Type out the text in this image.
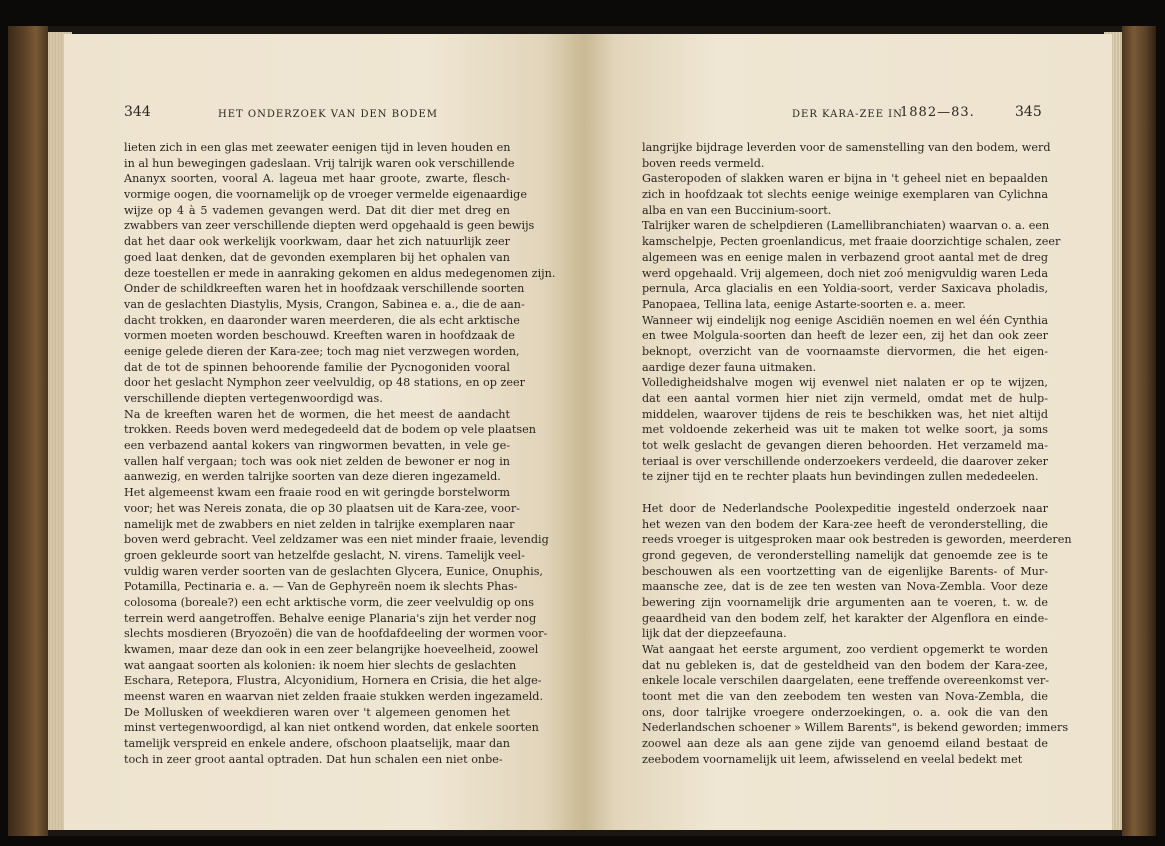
344	HET ONDERZOEK VAN DEN BODEM
lieten zich in een glas met zeewater eenigen tijd in leven houden en
in al hun bewegingen gadeslaan. Vrij talrijk waren ook verschillende
Ananyx soorten, vooral A. lageua met haar groote, zwarte, flesch-
vormige oogen, die voornamelijk op de vroeger vermelde eigenaardige
wijze op 4 à 5 vademen gevangen werd. Dat dit dier met dreg en
zwabbers van zeer verschillende diepten werd opgehaald is geen bewijs
dat het daar ook werkelijk voorkwam, daar het zich natuurlijk zeer
goed laat denken, dat de gevonden exemplaren bij het ophalen van
deze toestellen er mede in aanraking gekomen en aldus medegenomen zijn.
Onder de schildkreeften waren het in hoofdzaak verschillende soorten
van de geslachten Diastylis, Mysis, Crangon, Sabinea e. a., die de aan-
dacht trokken, en daaronder waren meerderen, die als echt arktische
vormen moeten worden beschouwd. Kreeften waren in hoofdzaak de
eenige gelede dieren der Kara-zee; toch mag niet verzwegen worden,
dat de tot de spinnen behoorende familie der Pycnogoniden vooral
door het geslacht Nymphon zeer veelvuldig, op 48 stations, en op zeer
verschillende diepten vertegenwoordigd was.
Na de kreeften waren het de wormen, die het meest de aandacht
trokken. Reeds boven werd medegedeeld dat de bodem op vele plaatsen
een verbazend aantal kokers van ringwormen bevatten, in vele ge-
vallen half vergaan; toch was ook niet zelden de bewoner er nog in
aanwezig, en werden talrijke soorten van deze dieren ingezameld.
Het algemeenst kwam een fraaie rood en wit geringde borstelworm
voor; het was Nereis zonata, die op 30 plaatsen uit de Kara-zee, voor-
namelijk met de zwabbers en niet zelden in talrijke exemplaren naar
boven werd gebracht. Veel zeldzamer was een niet minder fraaie, levendig
groen gekleurde soort van hetzelfde geslacht, N. virens. Tamelijk veel-
vuldig waren verder soorten van de geslachten Glycera, Eunice, Onuphis,
Potamilla, Pectinaria e. a. — Van de Gephyreën noem ik slechts Phas-
colosoma (boreale?) een echt arktische vorm, die zeer veelvuldig op ons
terrein werd aangetroffen. Behalve eenige Planaria's zijn het verder nog
slechts mosdieren (Bryozoën) die van de hoofdafdeeling der wormen voor-
kwamen, maar deze dan ook in een zeer belangrijke hoeveelheid, zoowel
wat aangaat soorten als kolonien: ik noem hier slechts de geslachten
Eschara, Retepora, Flustra, Alcyonidium, Hornera en Crisia, die het alge-
meenst waren en waarvan niet zelden fraaie stukken werden ingezameld.
De Mollusken of weekdieren waren over 't algemeen genomen het
minst vertegenwoordigd, al kan niet ontkend worden, dat enkele soorten
tamelijk verspreid en enkele andere, ofschoon plaatselijk, maar dan
toch in zeer groot aantal optraden. Dat hun schalen een niet onbe-
DER KARA-ZEE IN
1882—83.	345
langrijke bijdrage leverden voor de samenstelling van den bodem, werd
boven reeds vermeld.
Gasteropoden of slakken waren er bijna in 't geheel niet en bepaalden
zich in hoofdzaak tot slechts eenige weinige exemplaren van Cylichna
alba en van een Buccinium-soort.
Talrijker waren de schelpdieren (Lamellibranchiaten) waarvan o. a. een
kamschelpje, Pecten groenlandicus, met fraaie doorzichtige schalen, zeer
algemeen was en eenige malen in verbazend groot aantal met de dreg
werd opgehaald. Vrij algemeen, doch niet zoó menigvuldig waren Leda
pernula, Arca glacialis en een Yoldia-soort, verder Saxicava pholadis,
Panopaea, Tellina lata, eenige Astarte-soorten e. a. meer.
Wanneer wij eindelijk nog eenige Ascidiën noemen en wel één Cynthia
en twee Molgula-soorten dan heeft de lezer een, zij het dan ook zeer
beknopt, overzicht van de voornaamste diervormen, die het eigen-
aardige dezer fauna uitmaken.
Volledigheidshalve mogen wij evenwel niet nalaten er op te wijzen,
dat een aantal vormen hier niet zijn vermeld, omdat met de hulp-
middelen, waarover tijdens de reis te beschikken was, het niet altijd
met voldoende zekerheid was uit te maken tot welke soort, ja soms
tot welk geslacht de gevangen dieren behoorden. Het verzameld ma-
teriaal is over verschillende onderzoekers verdeeld, die daarover zeker
te zijner tijd en te rechter plaats hun bevindingen zullen mededeelen.
Het door de Nederlandsche Poolexpeditie ingesteld onderzoek naar
het wezen van den bodem der Kara-zee heeft de veronderstelling, die
reeds vroeger is uitgesproken maar ook bestreden is geworden, meerderen
grond gegeven, de veronderstelling namelijk dat genoemde zee is te
beschouwen als een voortzetting van de eigenlijke Barents- of Mur-
maansche zee, dat is de zee ten westen van Nova-Zembla. Voor deze
bewering zijn voornamelijk drie argumenten aan te voeren, t. w. de
geaardheid van den bodem zelf, het karakter der Algenflora en einde-
lijk dat der diepzeefauna.
Wat aangaat het eerste argument, zoo verdient opgemerkt te worden
dat nu gebleken is, dat de gesteldheid van den bodem der Kara-zee,
enkele locale verschilen daargelaten, eene treffende overeenkomst ver-
toont met die van den zeebodem ten westen van Nova-Zembla, die
ons, door talrijke vroegere onderzoekingen, o. a. ook die van den
Nederlandschen schoener » Willem Barents", is bekend geworden; immers
zoowel aan deze als aan gene zijde van genoemd eiland bestaat de
zeebodem voornamelijk uit leem, afwisselend en veelal bedekt met
